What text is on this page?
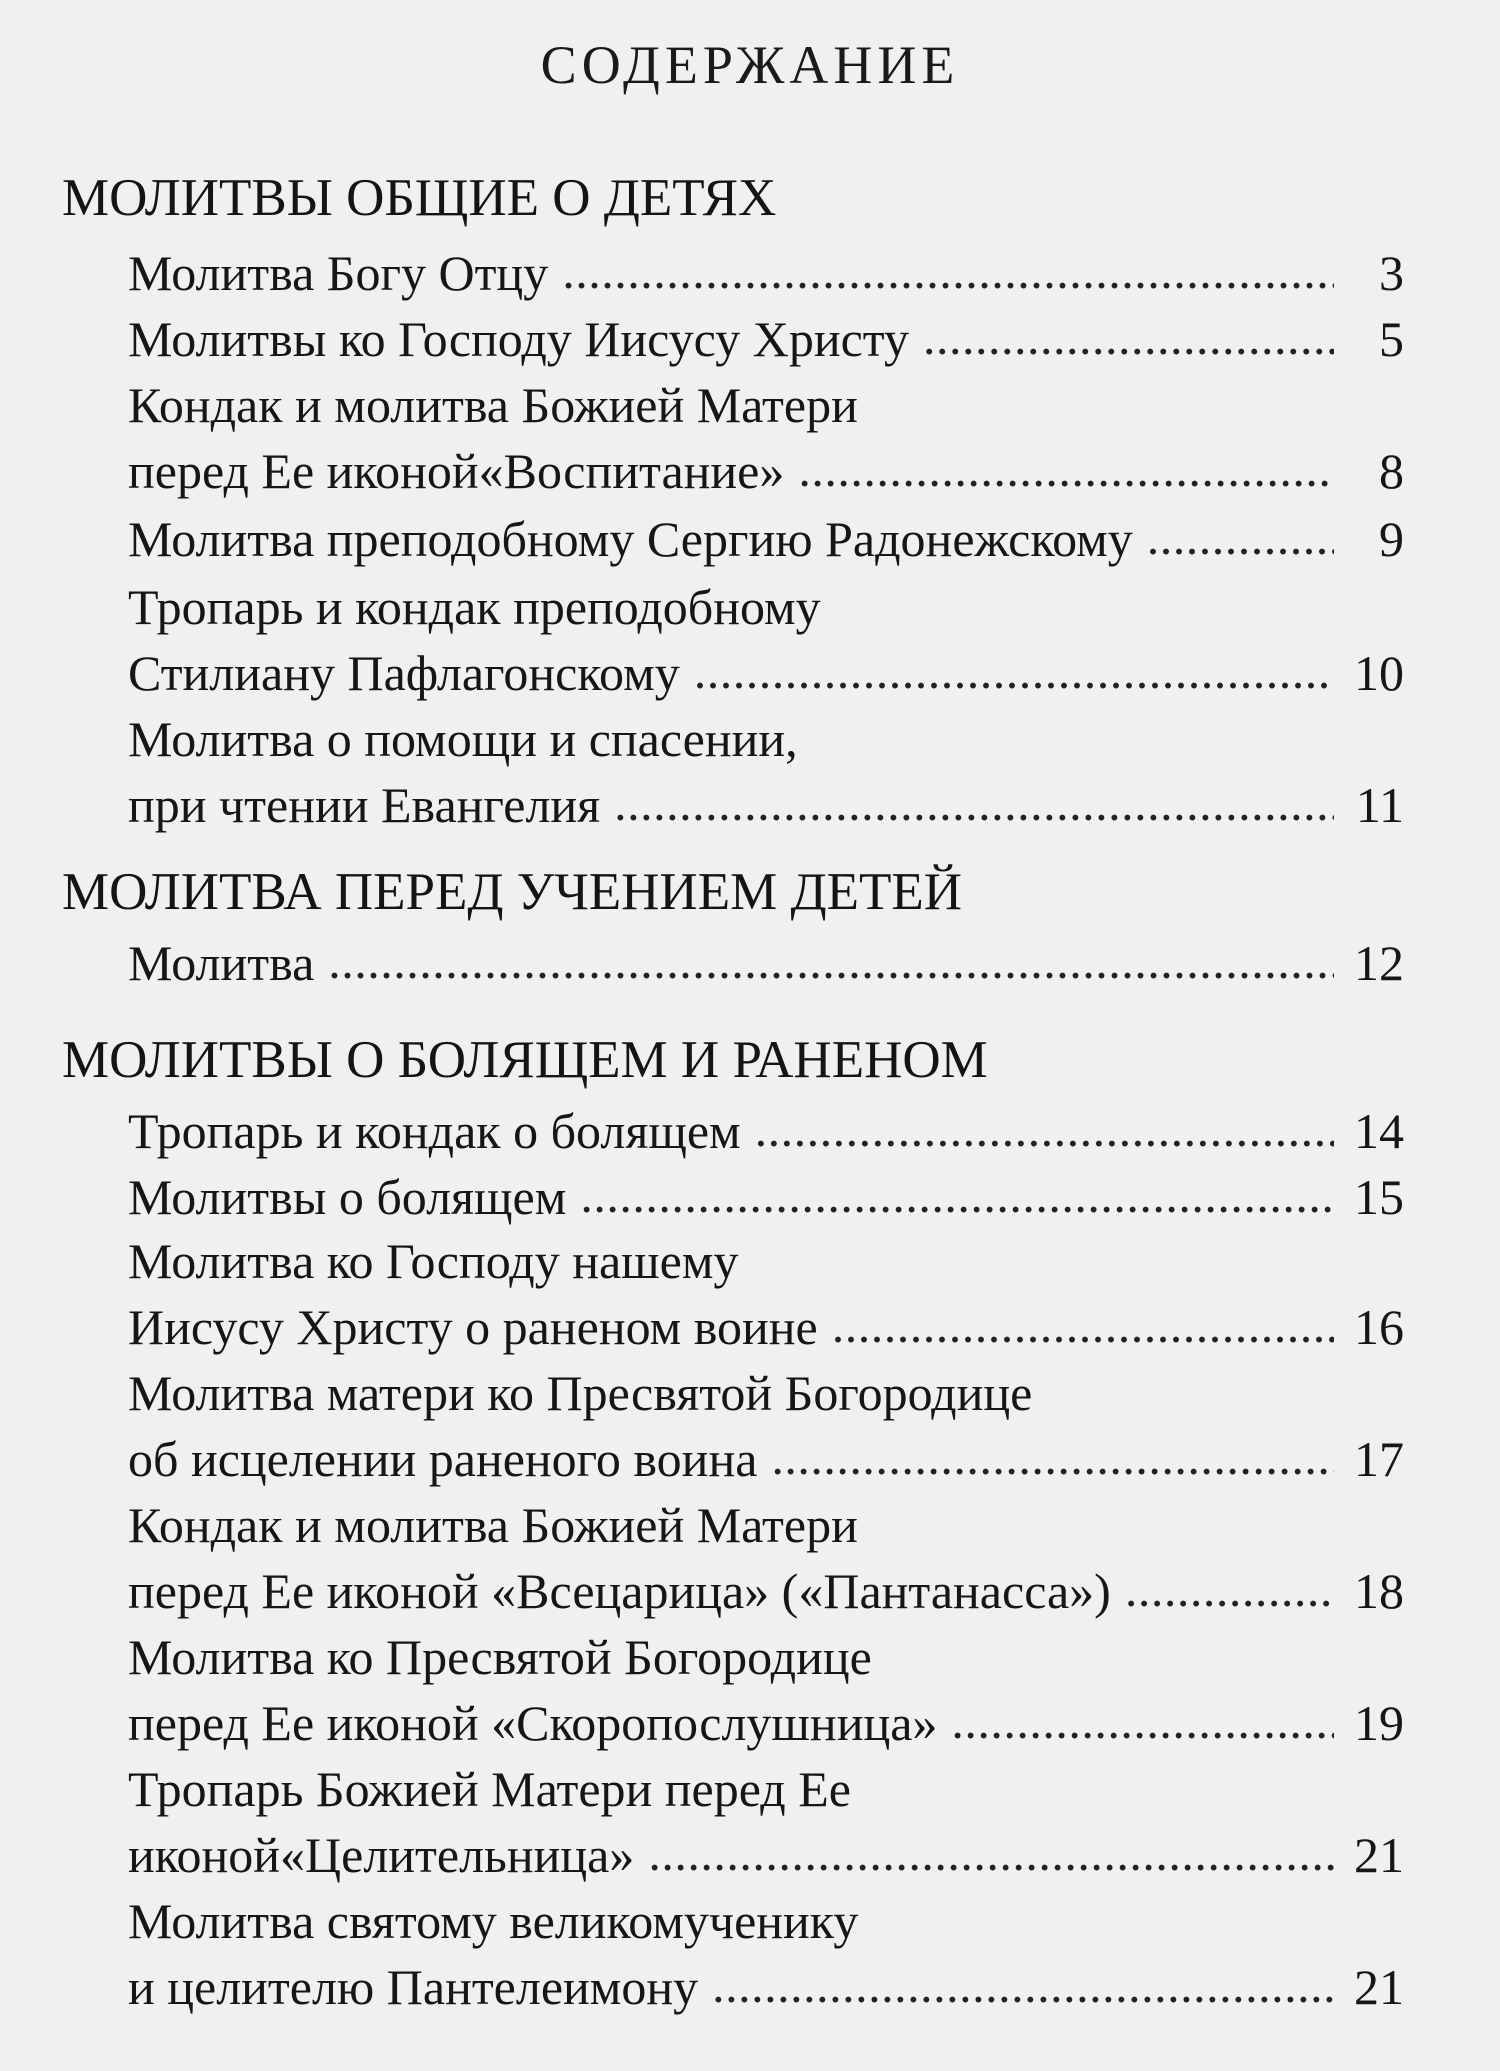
СОДЕРЖАНИЕ
МОЛИТВЫ ОБЩИЕ О ДЕТЯХ
Молитва Богу Отцу . . .	3
Молитвы ко Господу Иисусу Христу . . .	5
Кондак и молитва Божией Матери
перед Ее иконой«Воспитание» . . .	8
Молитва преподобному Сергию Радонежскому . . .	9
Тропарь и кондак преподобному
Стилиану Пафлагонскому . . .	10
Молитва о помощи и спасении,
при чтении Евангелия . . .	11
МОЛИТВА ПЕРЕД УЧЕНИЕМ ДЕТЕЙ
Молитва . . .	12
МОЛИТВЫ О БОЛЯЩЕМ И РАНЕНОМ
Тропарь и кондак о болящем . . .	14
Молитвы о болящем . . .	15
Молитва ко Господу нашему
Иисусу Христу о раненом воине . . .	16
Молитва матери ко Пресвятой Богородице
об исцелении раненого воина . . .	17
Кондак и молитва Божией Матери
перед Ее иконой «Всецарица» («Пантанасса») . . .	18
Молитва ко Пресвятой Богородице
перед Ее иконой «Скоропослушница» . . .	19
Тропарь Божией Матери перед Ее
иконой«Целительница» . . .	21
Молитва святому великомученику
и целителю Пантелеимону . . .	21
